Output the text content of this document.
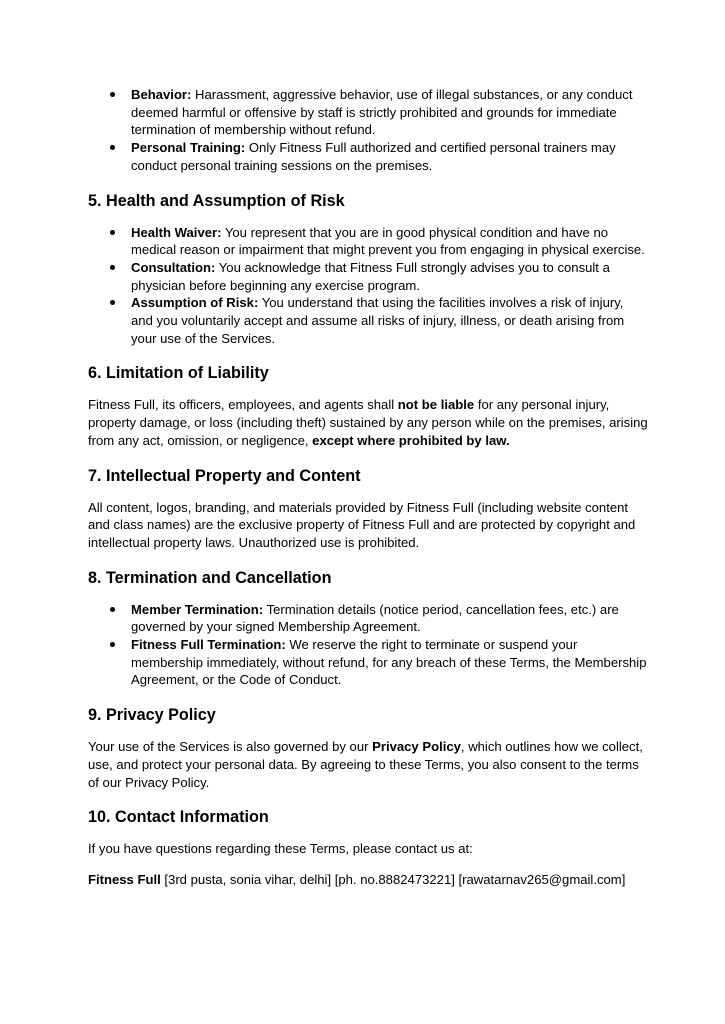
Behavior: Harassment, aggressive behavior, use of illegal substances, or any conduct deemed harmful or offensive by staff is strictly prohibited and grounds for immediate termination of membership without refund.
Personal Training: Only Fitness Full authorized and certified personal trainers may conduct personal training sessions on the premises.
5. Health and Assumption of Risk
Health Waiver: You represent that you are in good physical condition and have no medical reason or impairment that might prevent you from engaging in physical exercise.
Consultation: You acknowledge that Fitness Full strongly advises you to consult a physician before beginning any exercise program.
Assumption of Risk: You understand that using the facilities involves a risk of injury, and you voluntarily accept and assume all risks of injury, illness, or death arising from your use of the Services.
6. Limitation of Liability

Fitness Full, its officers, employees, and agents shall not be liable for any personal injury, property damage, or loss (including theft) sustained by any person while on the premises, arising from any act, omission, or negligence, except where prohibited by law.

7. Intellectual Property and Content

All content, logos, branding, and materials provided by Fitness Full (including website content and class names) are the exclusive property of Fitness Full and are protected by copyright and intellectual property laws. Unauthorized use is prohibited.

8. Termination and Cancellation
Member Termination: Termination details (notice period, cancellation fees, etc.) are governed by your signed Membership Agreement.
Fitness Full Termination: We reserve the right to terminate or suspend your membership immediately, without refund, for any breach of these Terms, the Membership Agreement, or the Code of Conduct.
9. Privacy Policy

Your use of the Services is also governed by our Privacy Policy, which outlines how we collect, use, and protect your personal data. By agreeing to these Terms, you also consent to the terms of our Privacy Policy.

10. Contact Information

If you have questions regarding these Terms, please contact us at:

Fitness Full [3rd pusta, sonia vihar, delhi] [ph. no.8882473221] [rawatarnav265@gmail.com]
